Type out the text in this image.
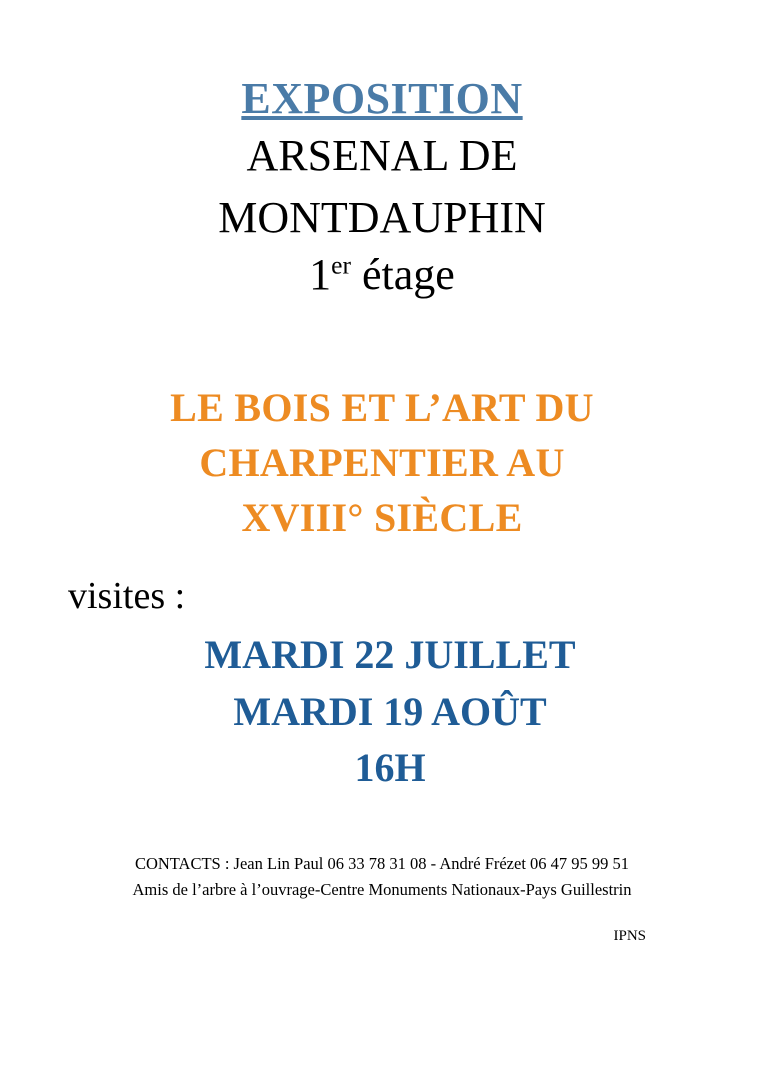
EXPOSITION
ARSENAL DE
MONTDAUPHIN
1er étage
LE BOIS ET L’ART DU
CHARPENTIER AU
XVIII° SIÈCLE
visites :
MARDI 22 JUILLET
MARDI 19 AOÛT
16H
CONTACTS : Jean Lin Paul 06 33 78 31 08 - André Frézet 06 47 95 99 51
Amis de l’arbre à l’ouvrage-Centre Monuments Nationaux-Pays Guillestrin
IPNS
